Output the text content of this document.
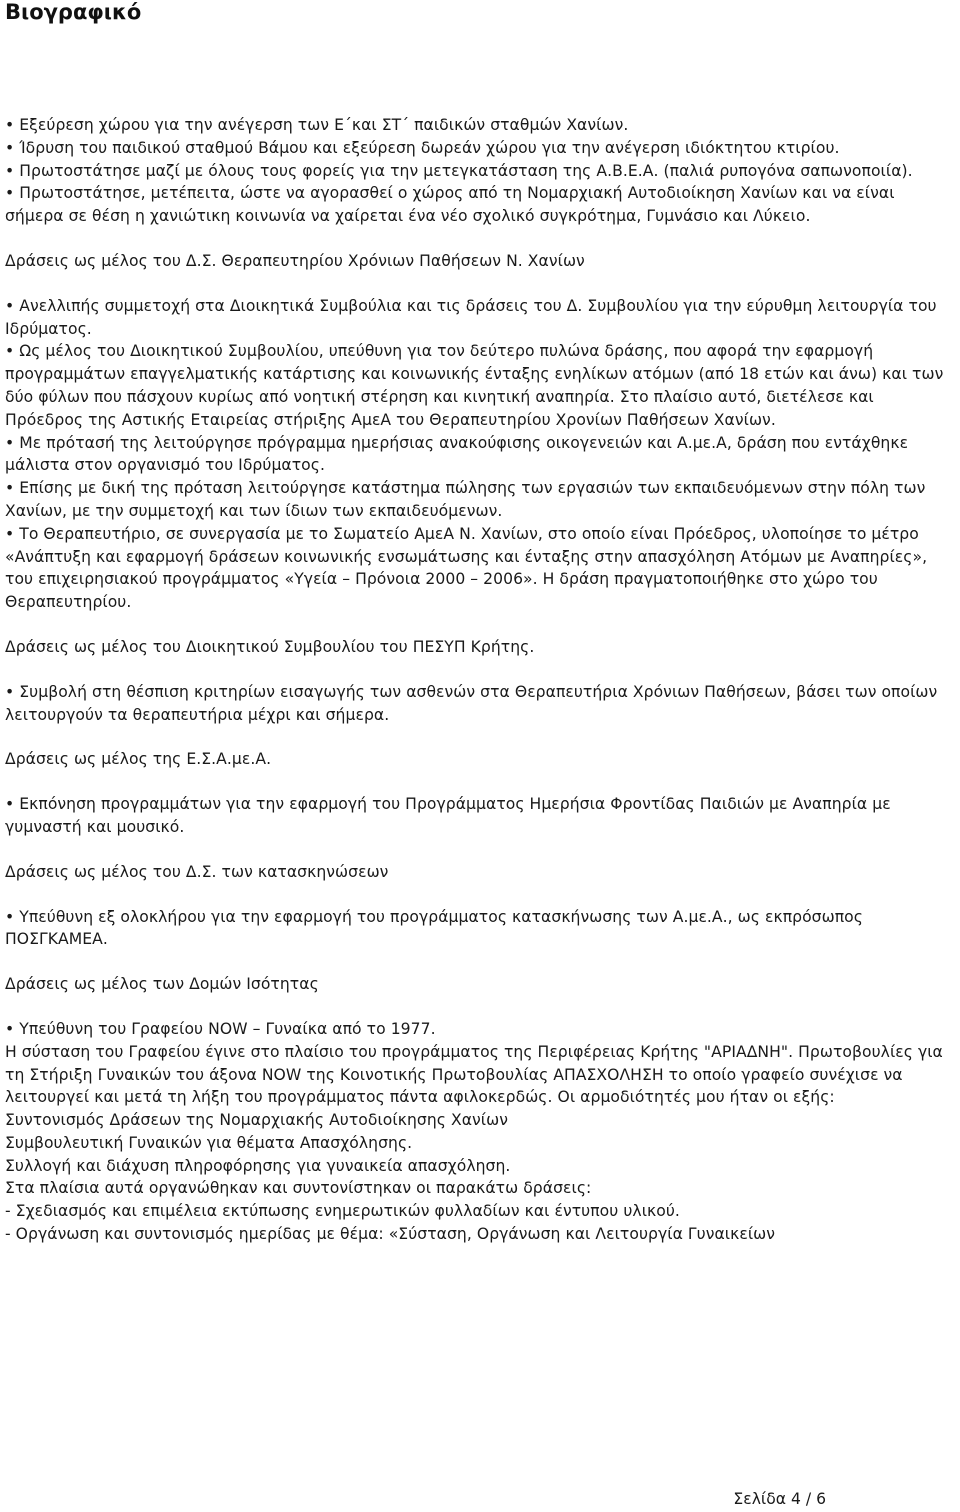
Βιογραφικό

• Εξεύρεση χώρου για την ανέγερση των Ε΄και ΣΤ΄ παιδικών σταθμών Χανίων.

• Ίδρυση του παιδικού σταθμού Βάμου και εξεύρεση δωρεάν χώρου για την ανέγερση ιδιόκτητου κτιρίου.

• Πρωτοστάτησε μαζί με όλους τους φορείς για την μετεγκατάσταση της Α.Β.Ε.Α. (παλιά ρυπογόνα σαπωνοποιία).

• Πρωτοστάτησε, μετέπειτα, ώστε να αγορασθεί ο χώρος από τη Νομαρχιακή Αυτοδιοίκηση Χανίων και να είναι σήμερα σε θέση η χανιώτικη κοινωνία να χαίρεται ένα νέο σχολικό συγκρότημα, Γυμνάσιο και Λύκειο.

Δράσεις ως μέλος του Δ.Σ. Θεραπευτηρίου Χρόνιων Παθήσεων Ν. Χανίων

• Ανελλιπής συμμετοχή στα Διοικητικά Συμβούλια και τις δράσεις του Δ. Συμβουλίου για την εύρυθμη λειτουργία του Ιδρύματος.

• Ως μέλος του Διοικητικού Συμβουλίου, υπεύθυνη για τον δεύτερο πυλώνα δράσης, που αφορά την εφαρμογή προγραμμάτων επαγγελματικής κατάρτισης και κοινωνικής ένταξης ενηλίκων ατόμων (από 18 ετών και άνω) και των δύο φύλων που πάσχουν κυρίως από νοητική στέρηση και κινητική αναπηρία. Στο πλαίσιο αυτό, διετέλεσε και Πρόεδρος της Αστικής Εταιρείας στήριξης ΑμεΑ του Θεραπευτηρίου Χρονίων Παθήσεων Χανίων.

• Με πρότασή της λειτούργησε πρόγραμμα ημερήσιας ανακούφισης οικογενειών και Α.με.Α, δράση που εντάχθηκε μάλιστα στον οργανισμό του Ιδρύματος.

• Επίσης με δική της πρόταση λειτούργησε κατάστημα πώλησης των εργασιών των εκπαιδευόμενων στην πόλη των Χανίων, με την συμμετοχή και των ίδιων των εκπαιδευόμενων.

• Το Θεραπευτήριο, σε συνεργασία με το Σωματείο ΑμεΑ Ν. Χανίων, στο οποίο είναι Πρόεδρος, υλοποίησε το μέτρο «Ανάπτυξη και εφαρμογή δράσεων κοινωνικής ενσωμάτωσης και ένταξης στην απασχόληση Ατόμων με Αναπηρίες», του επιχειρησιακού προγράμματος «Υγεία – Πρόνοια 2000 – 2006». Η δράση πραγματοποιήθηκε στο χώρο του Θεραπευτηρίου.

Δράσεις ως μέλος του Διοικητικού Συμβουλίου του ΠΕΣΥΠ Κρήτης.

• Συμβολή στη θέσπιση κριτηρίων εισαγωγής των ασθενών στα Θεραπευτήρια Χρόνιων Παθήσεων, βάσει των οποίων λειτουργούν τα θεραπευτήρια μέχρι και σήμερα.

Δράσεις ως μέλος της Ε.Σ.Α.με.Α.

• Εκπόνηση προγραμμάτων για την εφαρμογή του Προγράμματος Ημερήσια Φροντίδας Παιδιών με Αναπηρία με γυμναστή και μουσικό.

Δράσεις ως μέλος του Δ.Σ. των κατασκηνώσεων

• Υπεύθυνη εξ ολοκλήρου για την εφαρμογή του προγράμματος κατασκήνωσης των Α.με.Α., ως εκπρόσωπος ΠΟΣΓΚΑΜΕΑ.

Δράσεις ως μέλος των Δομών Ισότητας

• Υπεύθυνη του Γραφείου NOW – Γυναίκα από το 1977.

Η σύσταση του Γραφείου έγινε στο πλαίσιο του προγράμματος της Περιφέρειας Κρήτης "ΑΡΙΑΔΝΗ". Πρωτοβουλίες για τη Στήριξη Γυναικών του άξονα NOW της Κοινοτικής Πρωτοβουλίας ΑΠΑΣΧΟΛΗΣΗ το οποίο γραφείο συνέχισε να λειτουργεί και μετά τη λήξη του προγράμματος πάντα αφιλοκερδώς. Οι αρμοδιότητές μου ήταν οι εξής:

Συντονισμός Δράσεων της Νομαρχιακής Αυτοδιοίκησης Χανίων

Συμβουλευτική Γυναικών για θέματα Απασχόλησης.

Συλλογή και διάχυση πληροφόρησης για γυναικεία απασχόληση.

Στα πλαίσια αυτά οργανώθηκαν και συντονίστηκαν οι παρακάτω δράσεις:

- Σχεδιασμός και επιμέλεια εκτύπωσης ενημερωτικών φυλλαδίων και έντυπου υλικού.

- Οργάνωση και συντονισμός ημερίδας με θέμα: «Σύσταση, Οργάνωση και Λειτουργία Γυναικείων

Σελίδα 4 / 6
